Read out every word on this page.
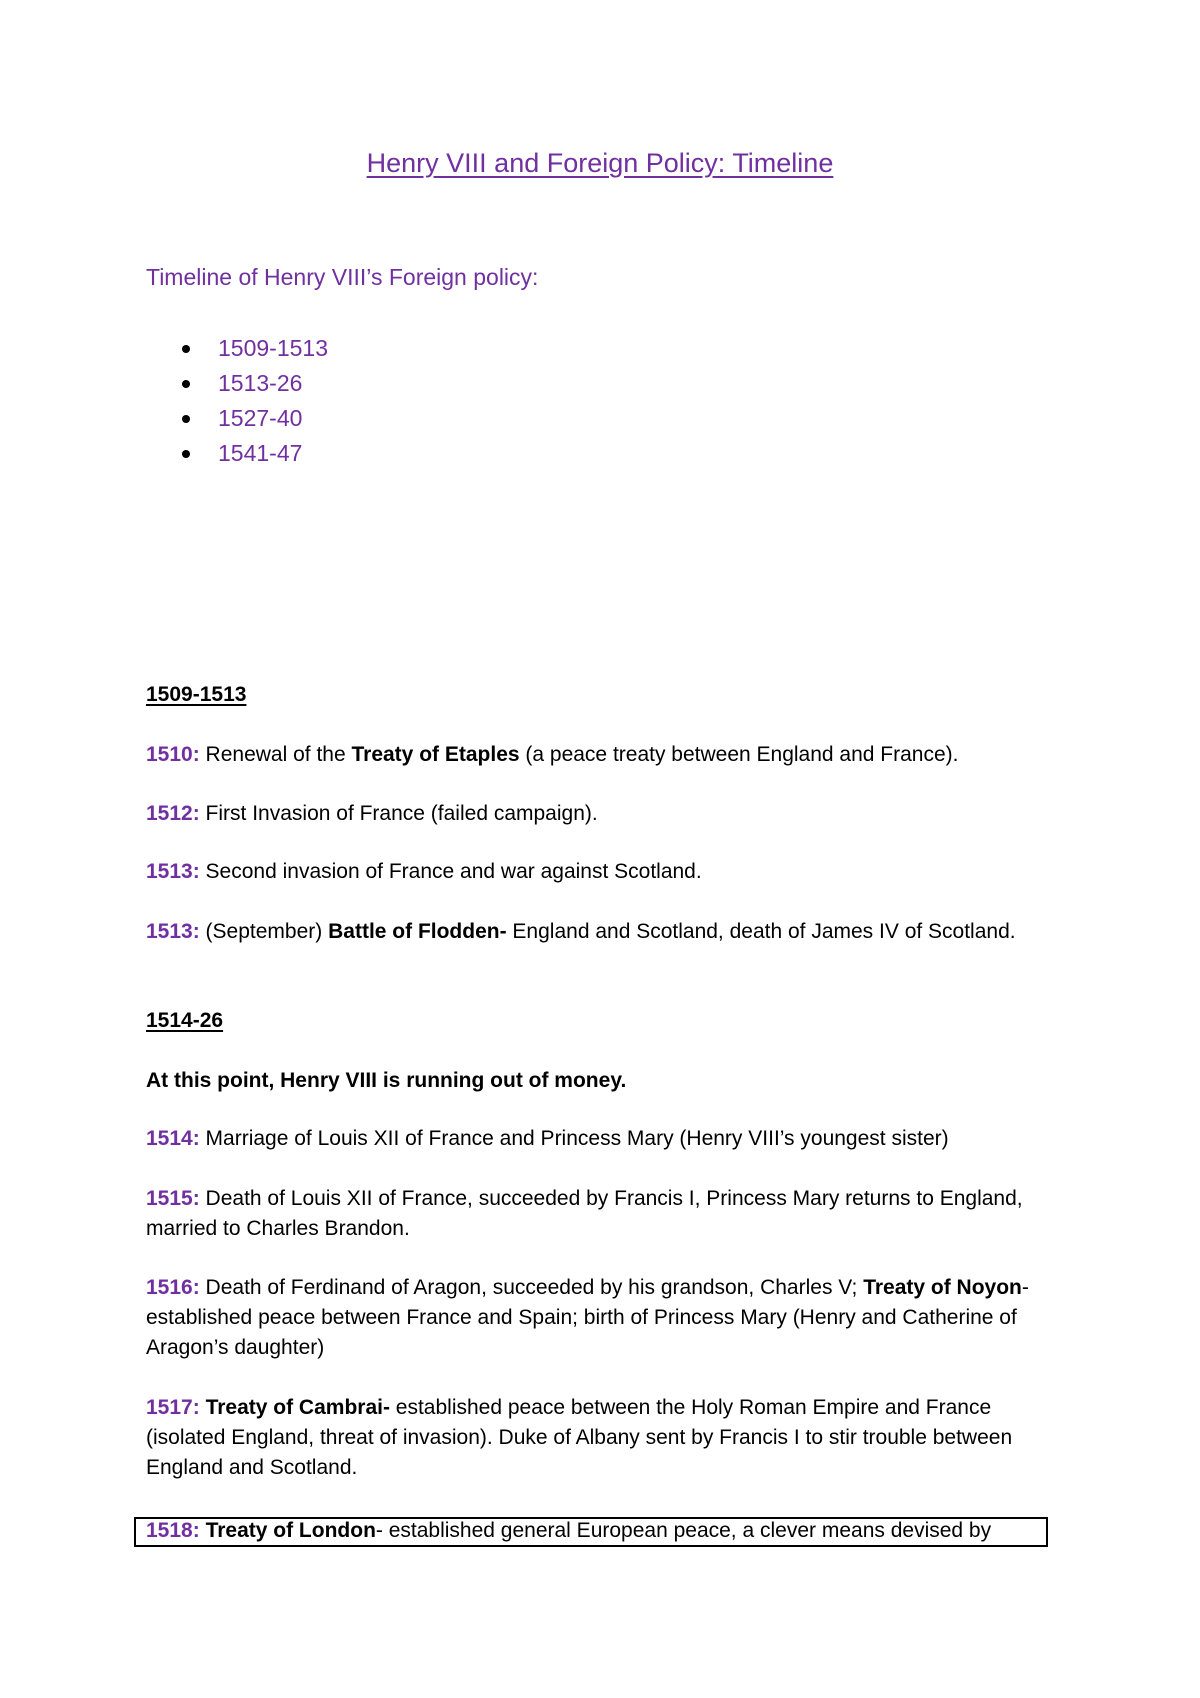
Henry VIII and Foreign Policy: Timeline

Timeline of Henry VIII’s Foreign policy:

1509-1513
1513-26
1527-40
1541-47

1509-1513

1510: Renewal of the Treaty of Etaples (a peace treaty between England and France).

1512: First Invasion of France (failed campaign).

1513: Second invasion of France and war against Scotland.

1513: (September) Battle of Flodden- England and Scotland, death of James IV of Scotland.

1514-26

At this point, Henry VIII is running out of money.

1514: Marriage of Louis XII of France and Princess Mary (Henry VIII’s youngest sister)

1515: Death of Louis XII of France, succeeded by Francis I, Princess Mary returns to England, married to Charles Brandon.

1516: Death of Ferdinand of Aragon, succeeded by his grandson, Charles V; Treaty of Noyon- established peace between France and Spain; birth of Princess Mary (Henry and Catherine of Aragon’s daughter)

1517: Treaty of Cambrai- established peace between the Holy Roman Empire and France (isolated England, threat of invasion). Duke of Albany sent by Francis I to stir trouble between England and Scotland.

1518: Treaty of London- established general European peace, a clever means devised by
